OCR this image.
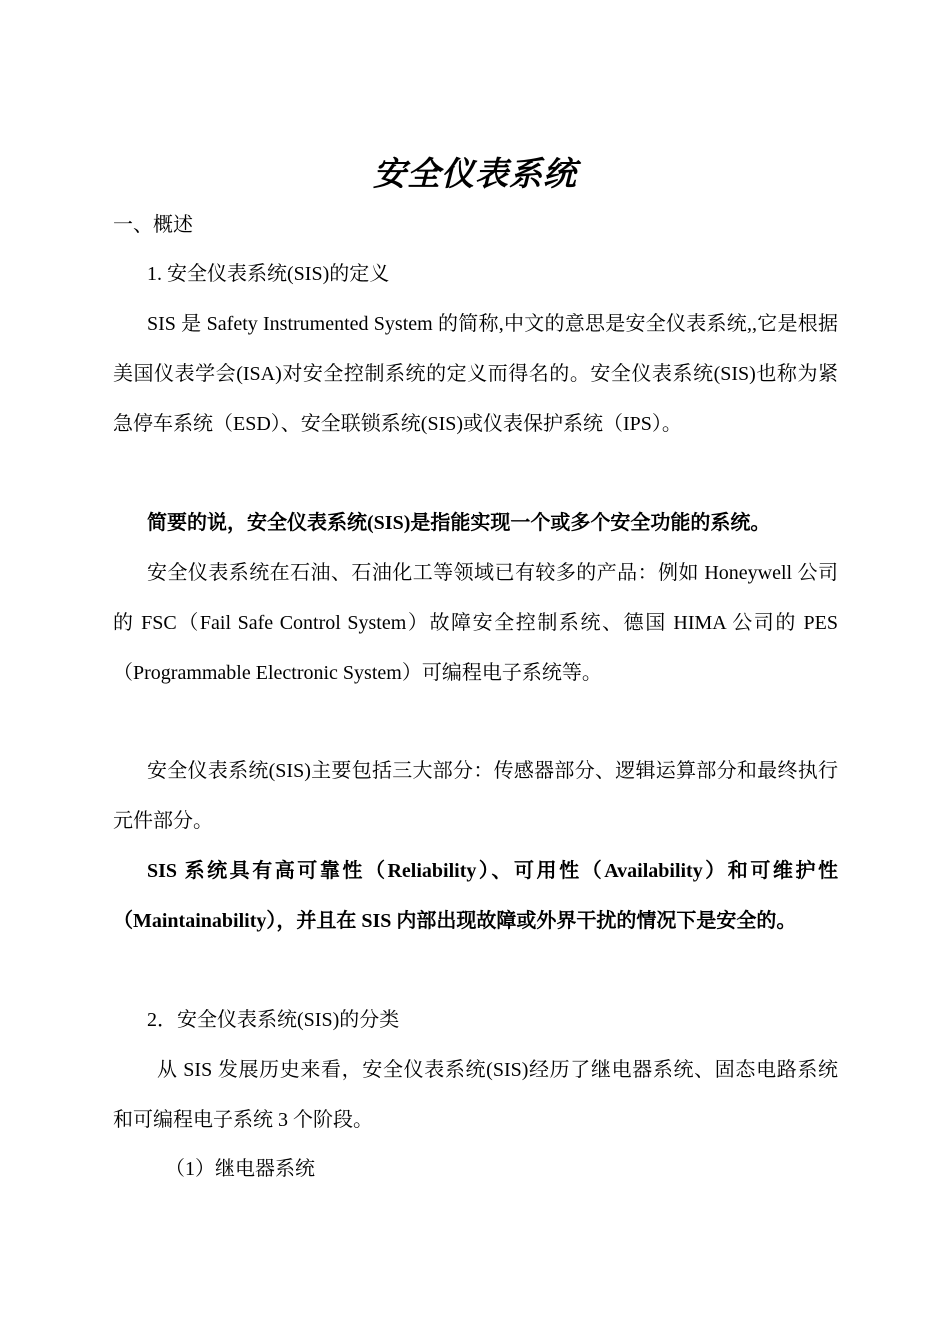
安全仪表系统

一、概述

1. 安全仪表系统(SIS)的定义

SIS 是 Safety Instrumented System 的简称,中文的意思是安全仪表系统,,它是根据美国仪表学会(ISA)对安全控制系统的定义而得名的。安全仪表系统(SIS)也称为紧急停车系统（ESD）、安全联锁系统(SIS)或仪表保护系统（IPS）。

简要的说，安全仪表系统(SIS)是指能实现一个或多个安全功能的系统。

安全仪表系统在石油、石油化工等领域已有较多的产品：例如 Honeywell 公司的 FSC（Fail Safe Control System）故障安全控制系统、德国 HIMA 公司的 PES（Programmable Electronic System）可编程电子系统等。

安全仪表系统(SIS)主要包括三大部分：传感器部分、逻辑运算部分和最终执行元件部分。

SIS 系统具有高可靠性（Reliability）、可用性（Availability）和可维护性（Maintainability），并且在 SIS 内部出现故障或外界干扰的情况下是安全的。

2．安全仪表系统(SIS)的分类

从 SIS 发展历史来看，安全仪表系统(SIS)经历了继电器系统、固态电路系统和可编程电子系统 3 个阶段。

（1）继电器系统
